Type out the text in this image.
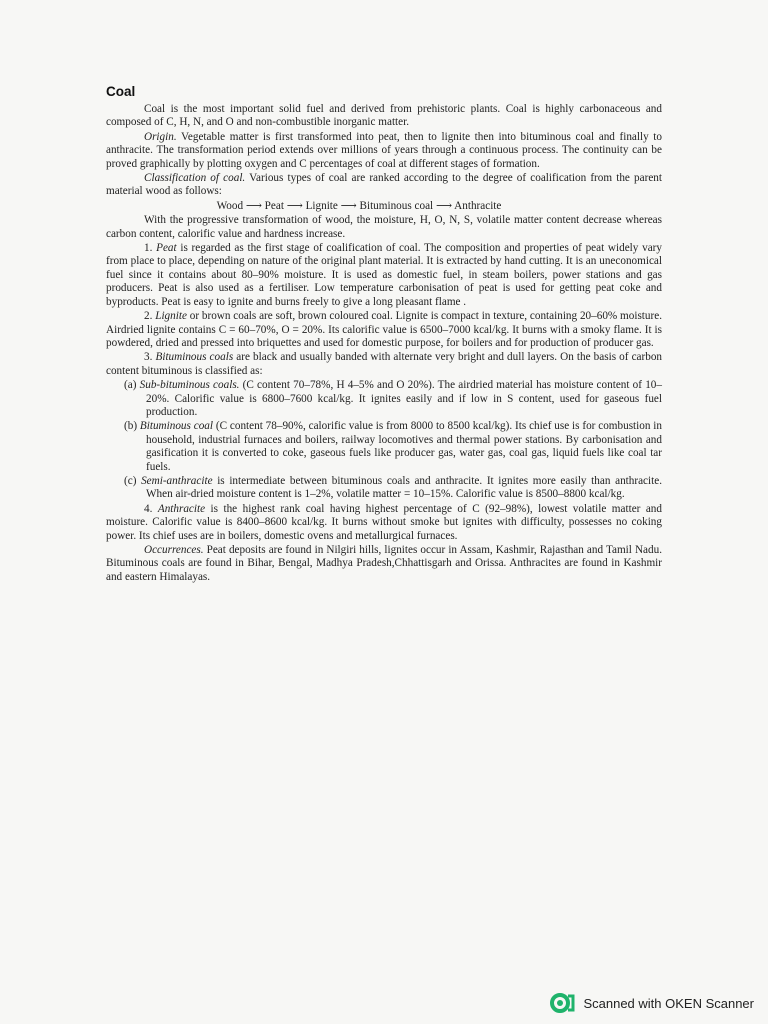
Coal

Coal is the most important solid fuel and derived from prehistoric plants. Coal is highly carbonaceous and composed of C, H, N, and O and non-combustible inorganic matter.

Origin. Vegetable matter is first transformed into peat, then to lignite then into bituminous coal and finally to anthracite. The transformation period extends over millions of years through a continuous process. The continuity can be proved graphically by plotting oxygen and C percentages of coal at different stages of formation.

Classification of coal. Various types of coal are ranked according to the degree of coalification from the parent material wood as follows:

Wood ⟶ Peat ⟶ Lignite ⟶ Bituminous coal ⟶ Anthracite

With the progressive transformation of wood, the moisture, H, O, N, S, volatile matter content decrease whereas carbon content, calorific value and hardness increase.

1. Peat is regarded as the first stage of coalification of coal. The composition and properties of peat widely vary from place to place, depending on nature of the original plant material. It is extracted by hand cutting. It is an uneconomical fuel since it contains about 80–90% moisture. It is used as domestic fuel, in steam boilers, power stations and gas producers. Peat is also used as a fertiliser. Low temperature carbonisation of peat is used for getting peat coke and byproducts. Peat is easy to ignite and burns freely to give a long pleasant flame .

2. Lignite or brown coals are soft, brown coloured coal. Lignite is compact in texture, containing 20–60% moisture. Airdried lignite contains C = 60–70%, O = 20%. Its calorific value is 6500–7000 kcal/kg. It burns with a smoky flame. It is powdered, dried and pressed into briquettes and used for domestic purpose, for boilers and for production of producer gas.

3. Bituminous coals are black and usually banded with alternate very bright and dull layers. On the basis of carbon content bituminous is classified as:

(a) Sub-bituminous coals. (C content 70–78%, H 4–5% and O 20%). The airdried material has moisture content of 10–20%. Calorific value is 6800–7600 kcal/kg. It ignites easily and if low in S content, used for gaseous fuel production.

(b) Bituminous coal (C content 78–90%, calorific value is from 8000 to 8500 kcal/kg). Its chief use is for combustion in household, industrial furnaces and boilers, railway locomotives and thermal power stations. By carbonisation and gasification it is converted to coke, gaseous fuels like producer gas, water gas, coal gas, liquid fuels like coal tar fuels.

(c) Semi-anthracite is intermediate between bituminous coals and anthracite. It ignites more easily than anthracite. When air-dried moisture content is 1–2%, volatile matter = 10–15%. Calorific value is 8500–8800 kcal/kg.

4. Anthracite is the highest rank coal having highest percentage of C (92–98%), lowest volatile matter and moisture. Calorific value is 8400–8600 kcal/kg. It burns without smoke but ignites with difficulty, possesses no coking power. Its chief uses are in boilers, domestic ovens and metallurgical furnaces.

Occurrences. Peat deposits are found in Nilgiri hills, lignites occur in Assam, Kashmir, Rajasthan and Tamil Nadu. Bituminous coals are found in Bihar, Bengal, Madhya Pradesh,Chhattisgarh and Orissa. Anthracites are found in Kashmir and eastern Himalayas.

Scanned with OKEN Scanner
